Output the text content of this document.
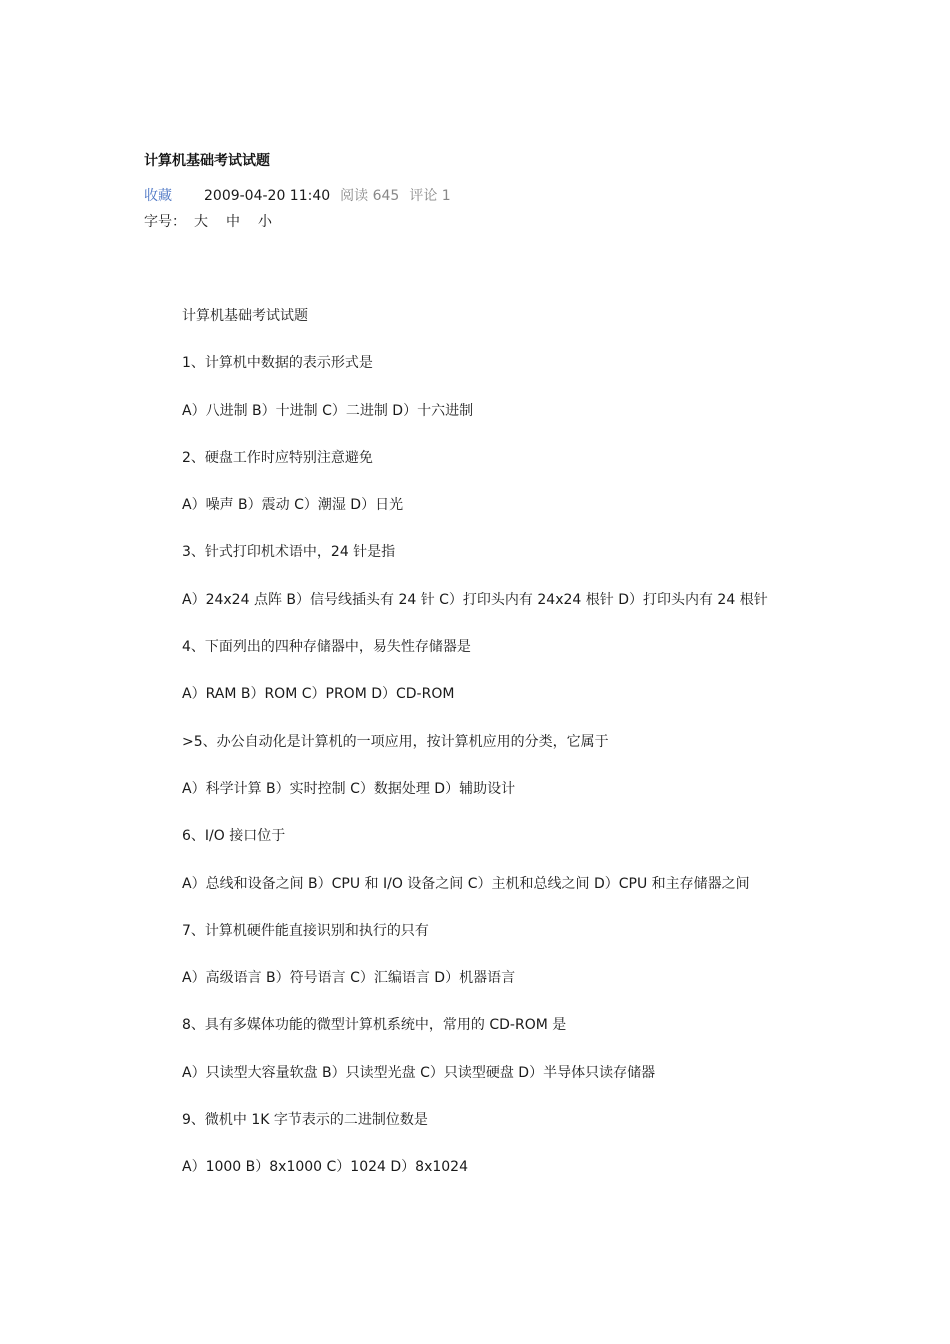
计算机基础考试试题
收藏 2009-04-20 11:40 阅读 645 评论 1
字号： 大 中 小

计算机基础考试试题

1、计算机中数据的表示形式是

A）八进制 B）十进制 C）二进制 D）十六进制

2、硬盘工作时应特别注意避免

A）噪声 B）震动 C）潮湿 D）日光

3、针式打印机术语中，24 针是指

A）24x24 点阵 B）信号线插头有 24 针 C）打印头内有 24x24 根针 D）打印头内有 24 根针

4、下面列出的四种存储器中，易失性存储器是

A）RAM B）ROM C）PROM D）CD-ROM

>5、办公自动化是计算机的一项应用，按计算机应用的分类，它属于

A）科学计算 B）实时控制 C）数据处理 D）辅助设计

6、I/O 接口位于

A）总线和设备之间 B）CPU 和 I/O 设备之间 C）主机和总线之间 D）CPU 和主存储器之间

7、计算机硬件能直接识别和执行的只有

A）高级语言 B）符号语言 C）汇编语言 D）机器语言

8、具有多媒体功能的微型计算机系统中，常用的 CD-ROM 是

A）只读型大容量软盘 B）只读型光盘 C）只读型硬盘 D）半导体只读存储器

9、微机中 1K 字节表示的二进制位数是

A）1000 B）8x1000 C）1024 D）8x1024
